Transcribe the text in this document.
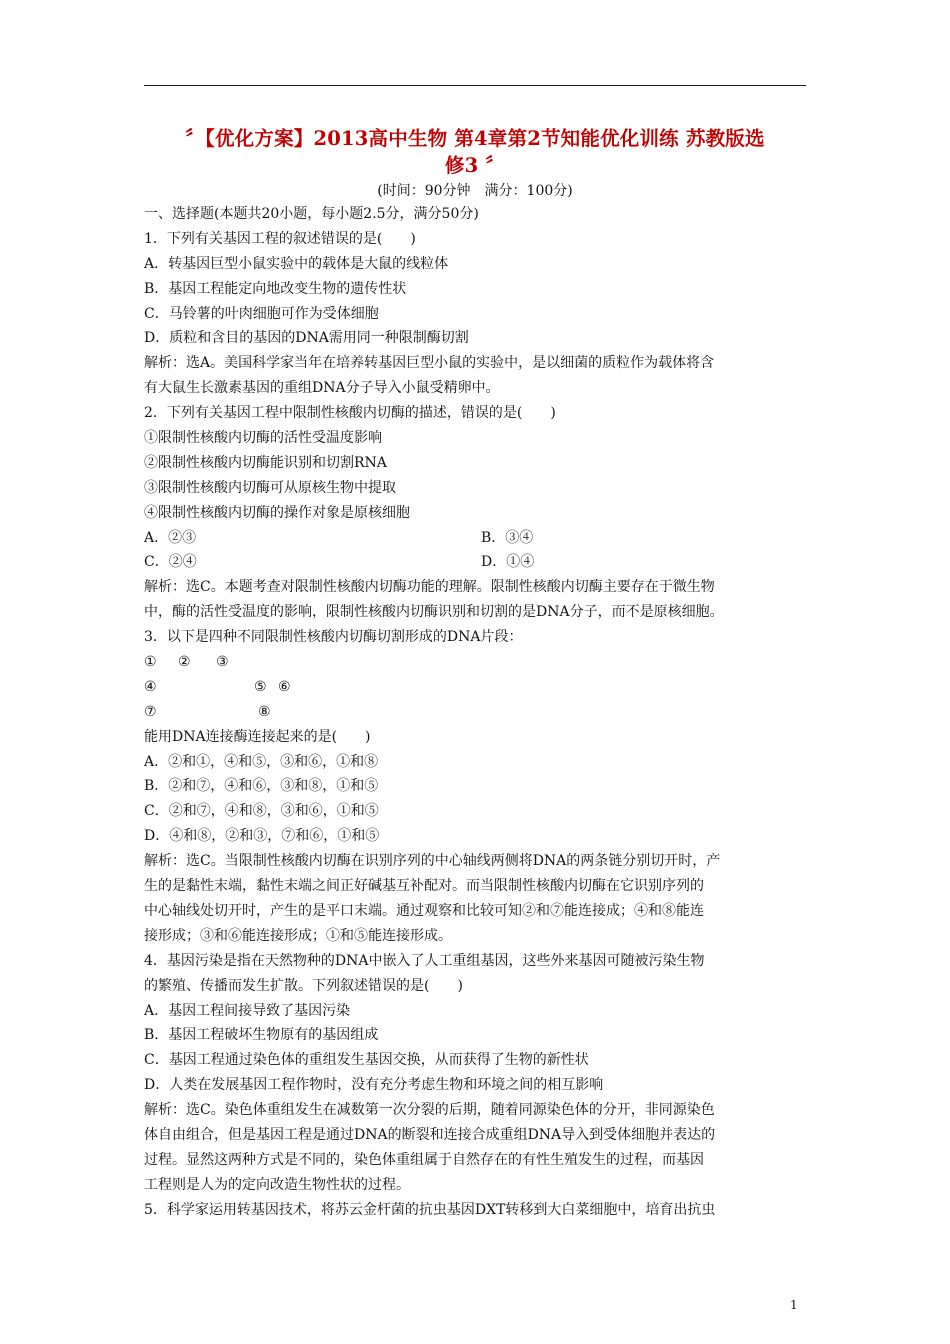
〞【优化方案】2013高中生物 第4章第2节知能优化训练 苏教版选
修3 〞
(时间：90分钟　满分：100分)
一、选择题(本题共20小题，每小题2.5分，满分50分)
1．下列有关基因工程的叙述错误的是(　　)
A．转基因巨型小鼠实验中的载体是大鼠的线粒体
B．基因工程能定向地改变生物的遗传性状
C．马铃薯的叶肉细胞可作为受体细胞
D．质粒和含目的基因的DNA需用同一种限制酶切割
解析：选A。美国科学家当年在培养转基因巨型小鼠的实验中，是以细菌的质粒作为载体将含
有大鼠生长激素基因的重组DNA分子导入小鼠受精卵中。
2．下列有关基因工程中限制性核酸内切酶的描述，错误的是(　　)
①限制性核酸内切酶的活性受温度影响
②限制性核酸内切酶能识别和切割RNA
③限制性核酸内切酶可从原核生物中提取
④限制性核酸内切酶的操作对象是原核细胞
A．②③	B．③④
C．②④	D．①④
解析：选C。本题考查对限制性核酸内切酶功能的理解。限制性核酸内切酶主要存在于微生物
中，酶的活性受温度的影响，限制性核酸内切酶识别和切割的是DNA分子，而不是原核细胞。
3．以下是四种不同限制性核酸内切酶切割形成的DNA片段：
① ② ③
④	⑤ ⑥
⑦	⑧
能用DNA连接酶连接起来的是(　　)
A．②和①，④和⑤，③和⑥，①和⑧
B．②和⑦，④和⑥，③和⑧，①和⑤
C．②和⑦，④和⑧，③和⑥，①和⑤
D．④和⑧，②和③，⑦和⑥，①和⑤
解析：选C。当限制性核酸内切酶在识别序列的中心轴线两侧将DNA的两条链分别切开时，产
生的是黏性末端，黏性末端之间正好碱基互补配对。而当限制性核酸内切酶在它识别序列的
中心轴线处切开时，产生的是平口末端。通过观察和比较可知②和⑦能连接成；④和⑧能连
接形成；③和⑥能连接形成；①和⑤能连接形成。
4．基因污染是指在天然物种的DNA中嵌入了人工重组基因，这些外来基因可随被污染生物
的繁殖、传播而发生扩散。下列叙述错误的是(　　)
A．基因工程间接导致了基因污染
B．基因工程破坏生物原有的基因组成
C．基因工程通过染色体的重组发生基因交换，从而获得了生物的新性状
D．人类在发展基因工程作物时，没有充分考虑生物和环境之间的相互影响
解析：选C。染色体重组发生在减数第一次分裂的后期，随着同源染色体的分开，非同源染色
体自由组合，但是基因工程是通过DNA的断裂和连接合成重组DNA导入到受体细胞并表达的
过程。显然这两种方式是不同的，染色体重组属于自然存在的有性生殖发生的过程，而基因
工程则是人为的定向改造生物性状的过程。
5．科学家运用转基因技术，将苏云金杆菌的抗虫基因DXT转移到大白菜细胞中，培育出抗虫
1
